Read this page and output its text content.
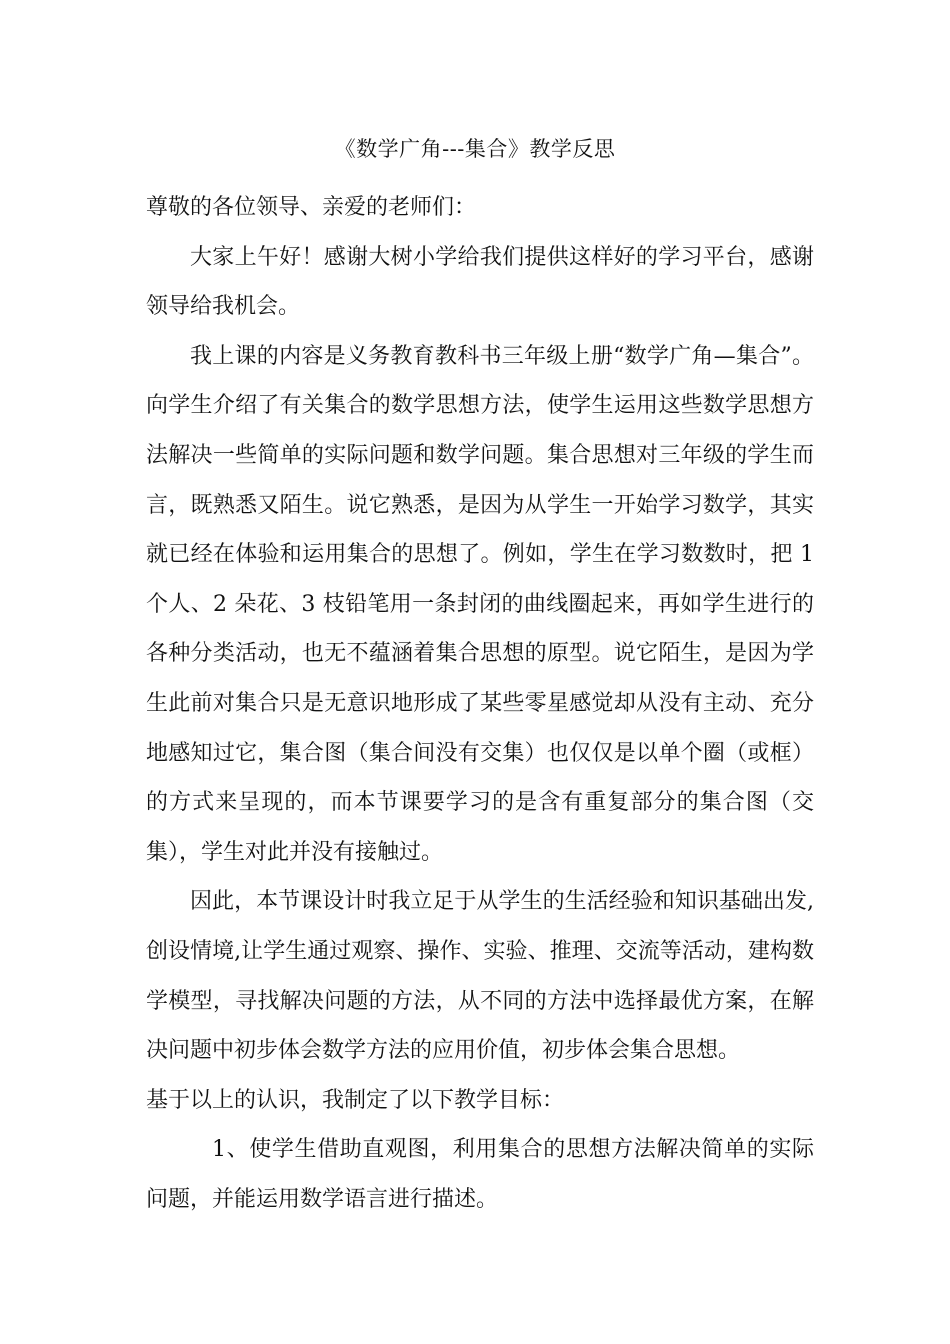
《数学广角---集合》教学反思

尊敬的各位领导、亲爱的老师们：

大家上午好！感谢大树小学给我们提供这样好的学习平台，感谢领导给我机会。

我上课的内容是义务教育教科书三年级上册“数学广角—集合”。向学生介绍了有关集合的数学思想方法，使学生运用这些数学思想方法解决一些简单的实际问题和数学问题。集合思想对三年级的学生而言，既熟悉又陌生。说它熟悉，是因为从学生一开始学习数学，其实就已经在体验和运用集合的思想了。例如，学生在学习数数时，把 1 个人、2 朵花、3 枝铅笔用一条封闭的曲线圈起来，再如学生进行的各种分类活动，也无不蕴涵着集合思想的原型。说它陌生，是因为学生此前对集合只是无意识地形成了某些零星感觉却从没有主动、充分地感知过它，集合图（集合间没有交集）也仅仅是以单个圈（或框）的方式来呈现的，而本节课要学习的是含有重复部分的集合图（交集），学生对此并没有接触过。

因此，本节课设计时我立足于从学生的生活经验和知识基础出发,创设情境,让学生通过观察、操作、实验、推理、交流等活动，建构数学模型，寻找解决问题的方法，从不同的方法中选择最优方案，在解决问题中初步体会数学方法的应用价值，初步体会集合思想。

基于以上的认识，我制定了以下教学目标：

1、使学生借助直观图，利用集合的思想方法解决简单的实际问题，并能运用数学语言进行描述。
